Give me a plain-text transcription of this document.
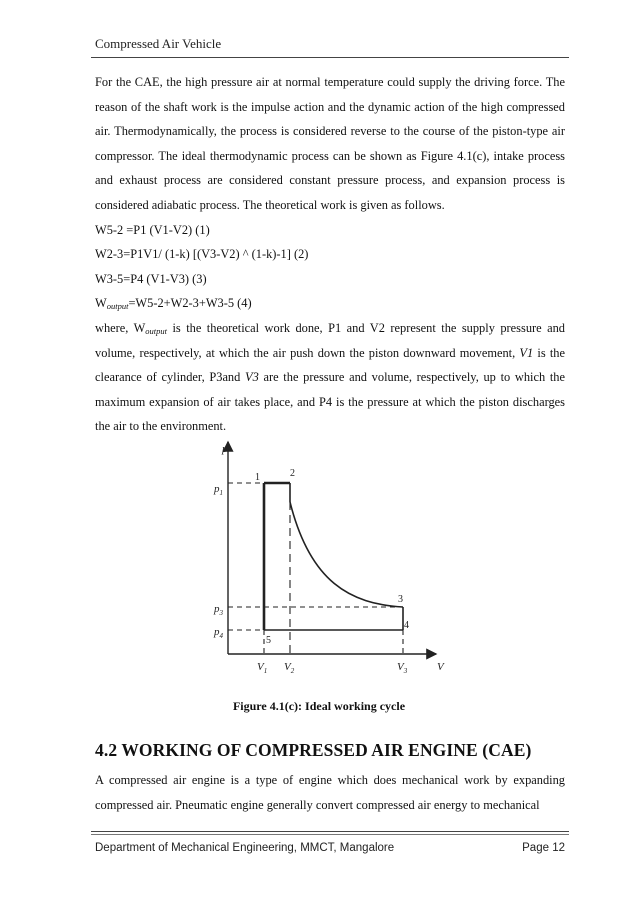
Compressed Air Vehicle

For the CAE, the high pressure air at normal temperature could supply the driving force. The reason of the shaft work is the impulse action and the dynamic action of the high compressed air. Thermodynamically, the process is considered reverse to the course of the piston-type air compressor. The ideal thermodynamic process can be shown as Figure 4.1(c), intake process and exhaust process are considered constant pressure process, and expansion process is considered adiabatic process. The theoretical work is given as follows.

W5-2 =P1 (V1-V2) (1)

W2-3=P1V1/ (1-k) [(V3-V2) ^ (1-k)-1] (2)

W3-5=P4 (V1-V3) (3)

$W_{output}=W5-2+W2-3+W3-5$ (4)

where, $W_{output}$ is the theoretical work done, P1 and V2 represent the supply pressure and volume, respectively, at which the air push down the piston downward movement, V1 is the clearance of cylinder, P3and V3 are the pressure and volume, respectively, up to which the maximum expansion of air takes place, and P4 is the pressure at which the piston discharges the air to the environment.

p
V
$p_1$
$p_3$
$p_4$
$V_1$ $V_2$	$V_3$
1	2
3
4
5
Figure 4.1(c): Ideal working cycle
4.2 WORKING OF COMPRESSED AIR ENGINE (CAE)

A compressed air engine is a type of engine which does mechanical work by expanding compressed air. Pneumatic engine generally convert compressed air energy to mechanical

Department of Mechanical Engineering, MMCT, Mangalore	Page 12
